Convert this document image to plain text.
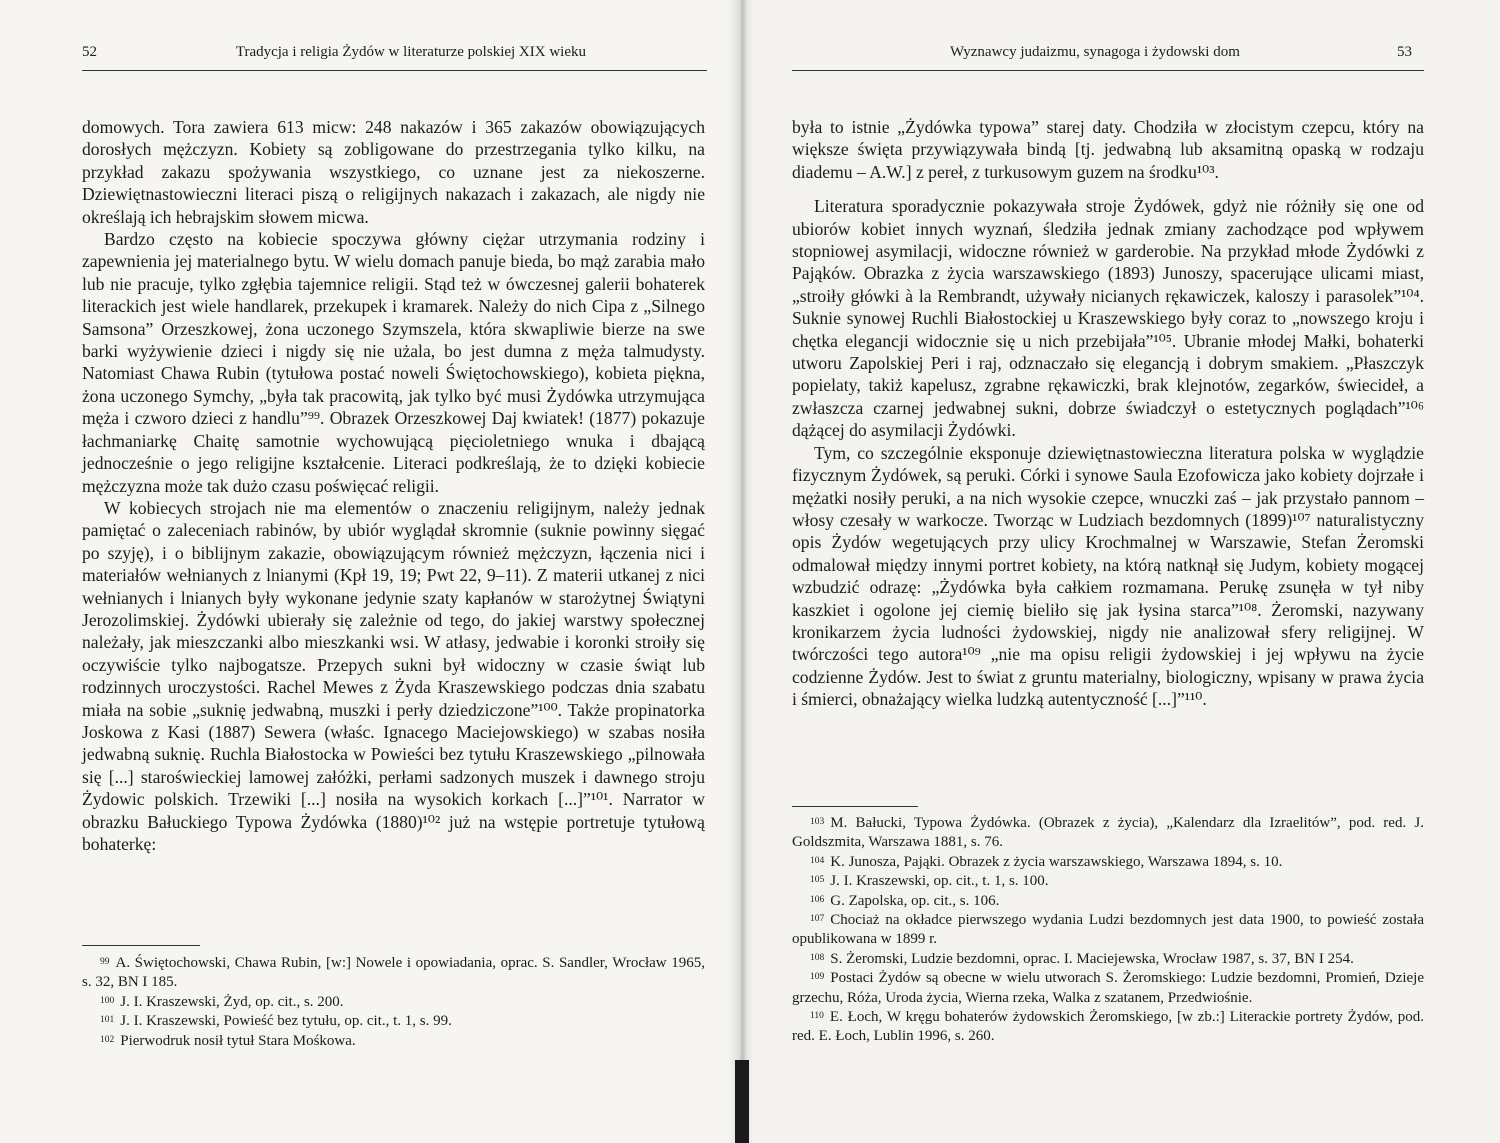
52	Tradycja i religia Żydów w literaturze polskiej XIX wieku

domowych. Tora zawiera 613 micw: 248 nakazów i 365 zakazów obowiązujących dorosłych mężczyzn. Kobiety są zobligowane do przestrzegania tylko kilku, na przykład zakazu spożywania wszystkiego, co uznane jest za niekoszerne. Dziewiętnastowieczni literaci piszą o religijnych nakazach i zakazach, ale nigdy nie określają ich hebrajskim słowem micwa.

Bardzo często na kobiecie spoczywa główny ciężar utrzymania rodziny i zapewnienia jej materialnego bytu. W wielu domach panuje bieda, bo mąż zarabia mało lub nie pracuje, tylko zgłębia tajemnice religii. Stąd też w ówczesnej galerii bohaterek literackich jest wiele handlarek, przekupek i kramarek. Należy do nich Cipa z „Silnego Samsona” Orzeszkowej, żona uczonego Szymszela, która skwapliwie bierze na swe barki wyżywienie dzieci i nigdy się nie użala, bo jest dumna z męża talmudysty. Natomiast Chawa Rubin (tytułowa postać noweli Świętochowskiego), kobieta piękna, żona uczonego Symchy, „była tak pracowitą, jak tylko być musi Żydówka utrzymująca męża i czworo dzieci z handlu”⁹⁹. Obrazek Orzeszkowej Daj kwiatek! (1877) pokazuje łachmaniarkę Chaitę samotnie wychowującą pięcioletniego wnuka i dbającą jednocześnie o jego religijne kształcenie. Literaci podkreślają, że to dzięki kobiecie mężczyzna może tak dużo czasu poświęcać religii.

W kobiecych strojach nie ma elementów o znaczeniu religijnym, należy jednak pamiętać o zaleceniach rabinów, by ubiór wyglądał skromnie (suknie powinny sięgać po szyję), i o biblijnym zakazie, obowiązującym również mężczyzn, łączenia nici i materiałów wełnianych z lnianymi (Kpł 19, 19; Pwt 22, 9–11). Z materii utkanej z nici wełnianych i lnianych były wykonane jedynie szaty kapłanów w starożytnej Świątyni Jerozolimskiej. Żydówki ubierały się zależnie od tego, do jakiej warstwy społecznej należały, jak mieszczanki albo mieszkanki wsi. W atłasy, jedwabie i koronki stroiły się oczywiście tylko najbogatsze. Przepych sukni był widoczny w czasie świąt lub rodzinnych uroczystości. Rachel Mewes z Żyda Kraszewskiego podczas dnia szabatu miała na sobie „suknię jedwabną, muszki i perły dziedziczone”¹⁰⁰. Także propinatorka Joskowa z Kasi (1887) Sewera (właśc. Ignacego Maciejowskiego) w szabas nosiła jedwabną suknię. Ruchla Białostocka w Powieści bez tytułu Kraszewskiego „pilnowała się [...] staroświeckiej lamowej załóżki, perłami sadzonych muszek i dawnego stroju Żydowic polskich. Trzewiki [...] nosiła na wysokich korkach [...]”¹⁰¹. Narrator w obrazku Bałuckiego Typowa Żydówka (1880)¹⁰² już na wstępie portretuje tytułową bohaterkę:

$^{99}$ A. Świętochowski, Chawa Rubin, [w:] Nowele i opowiadania, oprac. S. Sandler, Wrocław 1965, s. 32, BN I 185.

$^{100}$ J. I. Kraszewski, Żyd, op. cit., s. 200.

$^{101}$ J. I. Kraszewski, Powieść bez tytułu, op. cit., t. 1, s. 99.

$^{102}$ Pierwodruk nosił tytuł Stara Mośkowa.

Wyznawcy judaizmu, synagoga i żydowski dom	53

była to istnie „Żydówka typowa” starej daty. Chodziła w złocistym czepcu, który na większe święta przywiązywała bindą [tj. jedwabną lub aksamitną opaską w rodzaju diademu – A.W.] z pereł, z turkusowym guzem na środku¹⁰³.

Literatura sporadycznie pokazywała stroje Żydówek, gdyż nie różniły się one od ubiorów kobiet innych wyznań, śledziła jednak zmiany zachodzące pod wpływem stopniowej asymilacji, widoczne również w garderobie. Na przykład młode Żydówki z Pająków. Obrazka z życia warszawskiego (1893) Junoszy, spacerujące ulicami miast, „stroiły główki à la Rembrandt, używały nicianych rękawiczek, kaloszy i parasolek”¹⁰⁴. Suknie synowej Ruchli Białostockiej u Kraszewskiego były coraz to „nowszego kroju i chętka elegancji widocznie się u nich przebijała”¹⁰⁵. Ubranie młodej Małki, bohaterki utworu Zapolskiej Peri i raj, odznaczało się elegancją i dobrym smakiem. „Płaszczyk popielaty, takiż kapelusz, zgrabne rękawiczki, brak klejnotów, zegarków, świecideł, a zwłaszcza czarnej jedwabnej sukni, dobrze świadczył o estetycznych poglądach”¹⁰⁶ dążącej do asymilacji Żydówki.

Tym, co szczególnie eksponuje dziewiętnastowieczna literatura polska w wyglądzie fizycznym Żydówek, są peruki. Córki i synowe Saula Ezofowicza jako kobiety dojrzałe i mężatki nosiły peruki, a na nich wysokie czepce, wnuczki zaś – jak przystało pannom – włosy czesały w warkocze. Tworząc w Ludziach bezdomnych (1899)¹⁰⁷ naturalistyczny opis Żydów wegetujących przy ulicy Krochmalnej w Warszawie, Stefan Żeromski odmalował między innymi portret kobiety, na którą natknął się Judym, kobiety mogącej wzbudzić odrazę: „Żydówka była całkiem rozmamana. Perukę zsunęła w tył niby kaszkiet i ogolone jej ciemię bieliło się jak łysina starca”¹⁰⁸. Żeromski, nazywany kronikarzem życia ludności żydowskiej, nigdy nie analizował sfery religijnej. W twórczości tego autora¹⁰⁹ „nie ma opisu religii żydowskiej i jej wpływu na życie codzienne Żydów. Jest to świat z gruntu materialny, biologiczny, wpisany w prawa życia i śmierci, obnażający wielka ludzką autentyczność [...]”¹¹⁰.

$^{103}$ M. Bałucki, Typowa Żydówka. (Obrazek z życia), „Kalendarz dla Izraelitów”, pod. red. J. Goldszmita, Warszawa 1881, s. 76.

$^{104}$ K. Junosza, Pająki. Obrazek z życia warszawskiego, Warszawa 1894, s. 10.

$^{105}$ J. I. Kraszewski, op. cit., t. 1, s. 100.

$^{106}$ G. Zapolska, op. cit., s. 106.

$^{107}$ Chociaż na okładce pierwszego wydania Ludzi bezdomnych jest data 1900, to powieść została opublikowana w 1899 r.

$^{108}$ S. Żeromski, Ludzie bezdomni, oprac. I. Maciejewska, Wrocław 1987, s. 37, BN I 254.

$^{109}$ Postaci Żydów są obecne w wielu utworach S. Żeromskiego: Ludzie bezdomni, Promień, Dzieje grzechu, Róża, Uroda życia, Wierna rzeka, Walka z szatanem, Przedwiośnie.

$^{110}$ E. Łoch, W kręgu bohaterów żydowskich Żeromskiego, [w zb.:] Literackie portrety Żydów, pod. red. E. Łoch, Lublin 1996, s. 260.
